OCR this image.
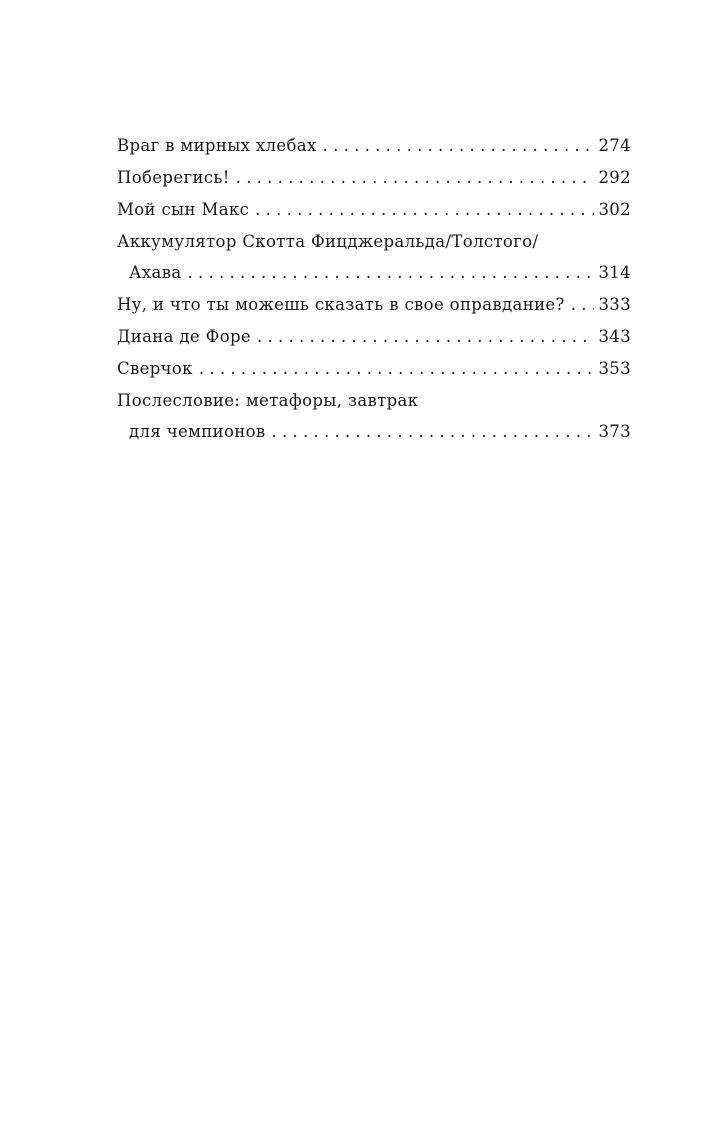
Враг в мирных хлебах . . .	274
Поберегись! . . .	292
Мой сын Макс . . .	302
Аккумулятор Скотта Фицджеральда/Толстого/
Ахава . . .	314
Ну, и что ты можешь сказать в свое оправдание? . . . 333
Диана де Форе . . .	343
Сверчок . . .	353
Послесловие: метафоры, завтрак
для чемпионов . . .	373
